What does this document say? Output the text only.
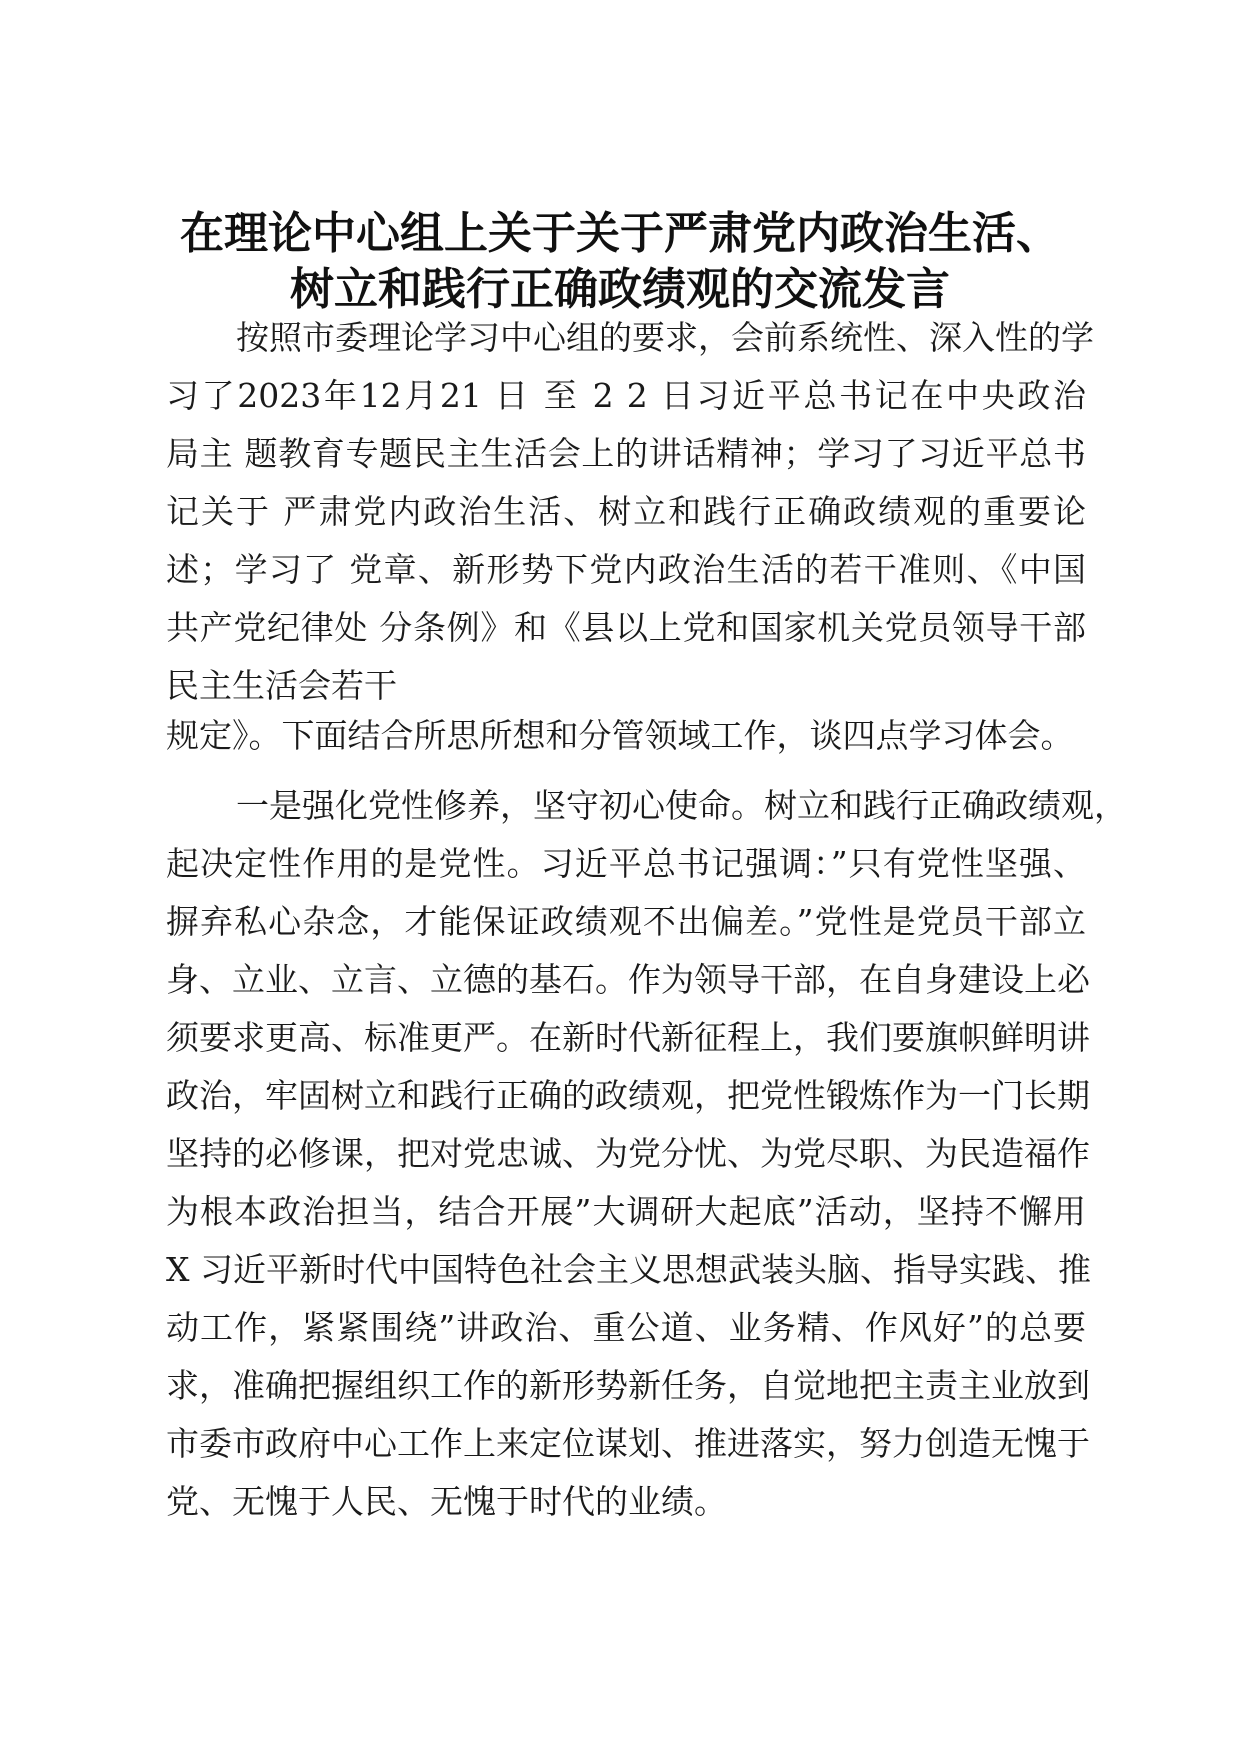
在理论中心组上关于关于严肃党内政治生活、
树立和践行正确政绩观的交流发言

按照市委理论学习中心组的要求，会前系统性、深入性的学

习了2023年12月21 日 至 2 2 日习近平总书记在中央政治

局主 题教育专题民主生活会上的讲话精神；学习了习近平总书

记关于 严肃党内政治生活、树立和践行正确政绩观的重要论

述；学习了 党章、新形势下党内政治生活的若干准则、《中国

共产党纪律处 分条例》和《县以上党和国家机关党员领导干部

民主生活会若干

规定》。下面结合所思所想和分管领域工作，谈四点学习体会。

一是强化党性修养，坚守初心使命。树立和践行正确政绩观，

起决定性作用的是党性。习近平总书记强调：”只有党性坚强、

摒弃私心杂念，才能保证政绩观不出偏差。”党性是党员干部立

身、立业、立言、立德的基石。作为领导干部，在自身建设上必

须要求更高、标准更严。在新时代新征程上，我们要旗帜鲜明讲

政治，牢固树立和践行正确的政绩观，把党性锻炼作为一门长期

坚持的必修课，把对党忠诚、为党分忧、为党尽职、为民造福作

为根本政治担当，结合开展”大调研大起底”活动，坚持不懈用

X 习近平新时代中国特色社会主义思想武装头脑、指导实践、推

动工作，紧紧围绕”讲政治、重公道、业务精、作风好”的总要

求，准确把握组织工作的新形势新任务，自觉地把主责主业放到

市委市政府中心工作上来定位谋划、推进落实，努力创造无愧于

党、无愧于人民、无愧于时代的业绩。
